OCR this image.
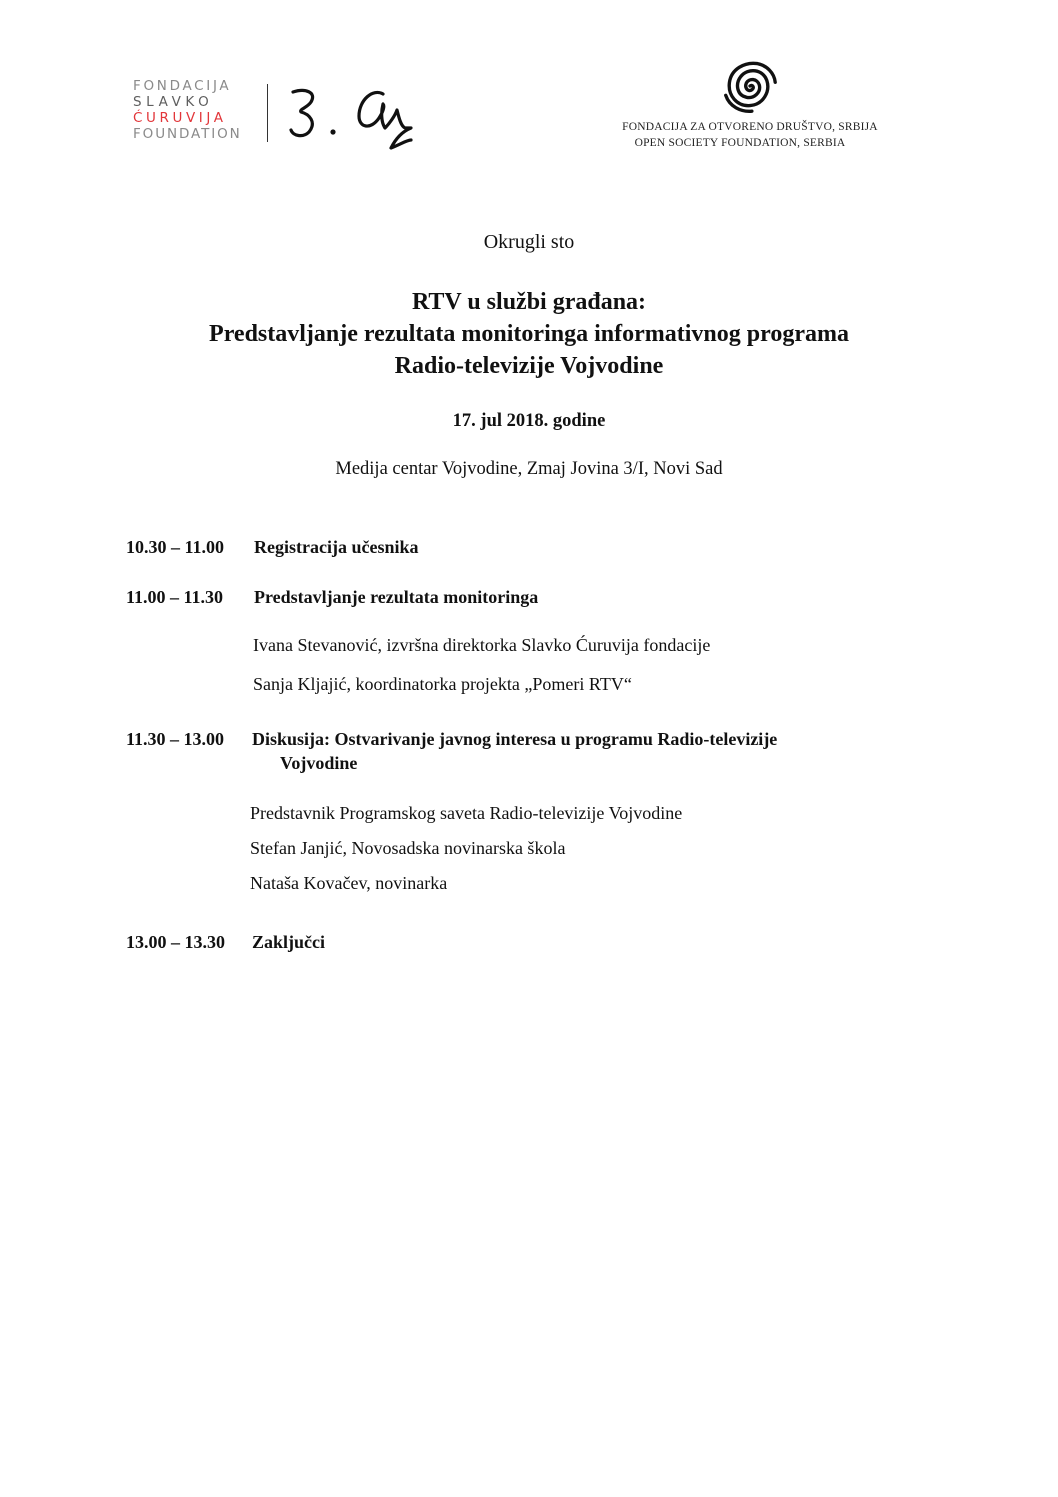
FONDACIJA
SLAVKO
ĆURUVIJA
FOUNDATION	FONDACIJA ZA OTVORENO DRUŠTVO, SRBIJA
OPEN SOCIETY FOUNDATION, SERBIA
Okrugli sto
RTV u službi građana:
Predstavljanje rezultata monitoringa informativnog programa
Radio-televizije Vojvodine
17. jul 2018. godine
Medija centar Vojvodine, Zmaj Jovina 3/I, Novi Sad
10.30 – 11.00 Registracija učesnika
11.00 – 11.30 Predstavljanje rezultata monitoringa
Ivana Stevanović, izvršna direktorka Slavko Ćuruvija fondacije
Sanja Kljajić, koordinatorka projekta „Pomeri RTV“
11.30 – 13.00 Diskusija: Ostvarivanje javnog interesa u programu Radio-televizije
Vojvodine
Predstavnik Programskog saveta Radio-televizije Vojvodine
Stefan Janjić, Novosadska novinarska škola
Nataša Kovačev, novinarka
13.00 – 13.30 Zaključci
